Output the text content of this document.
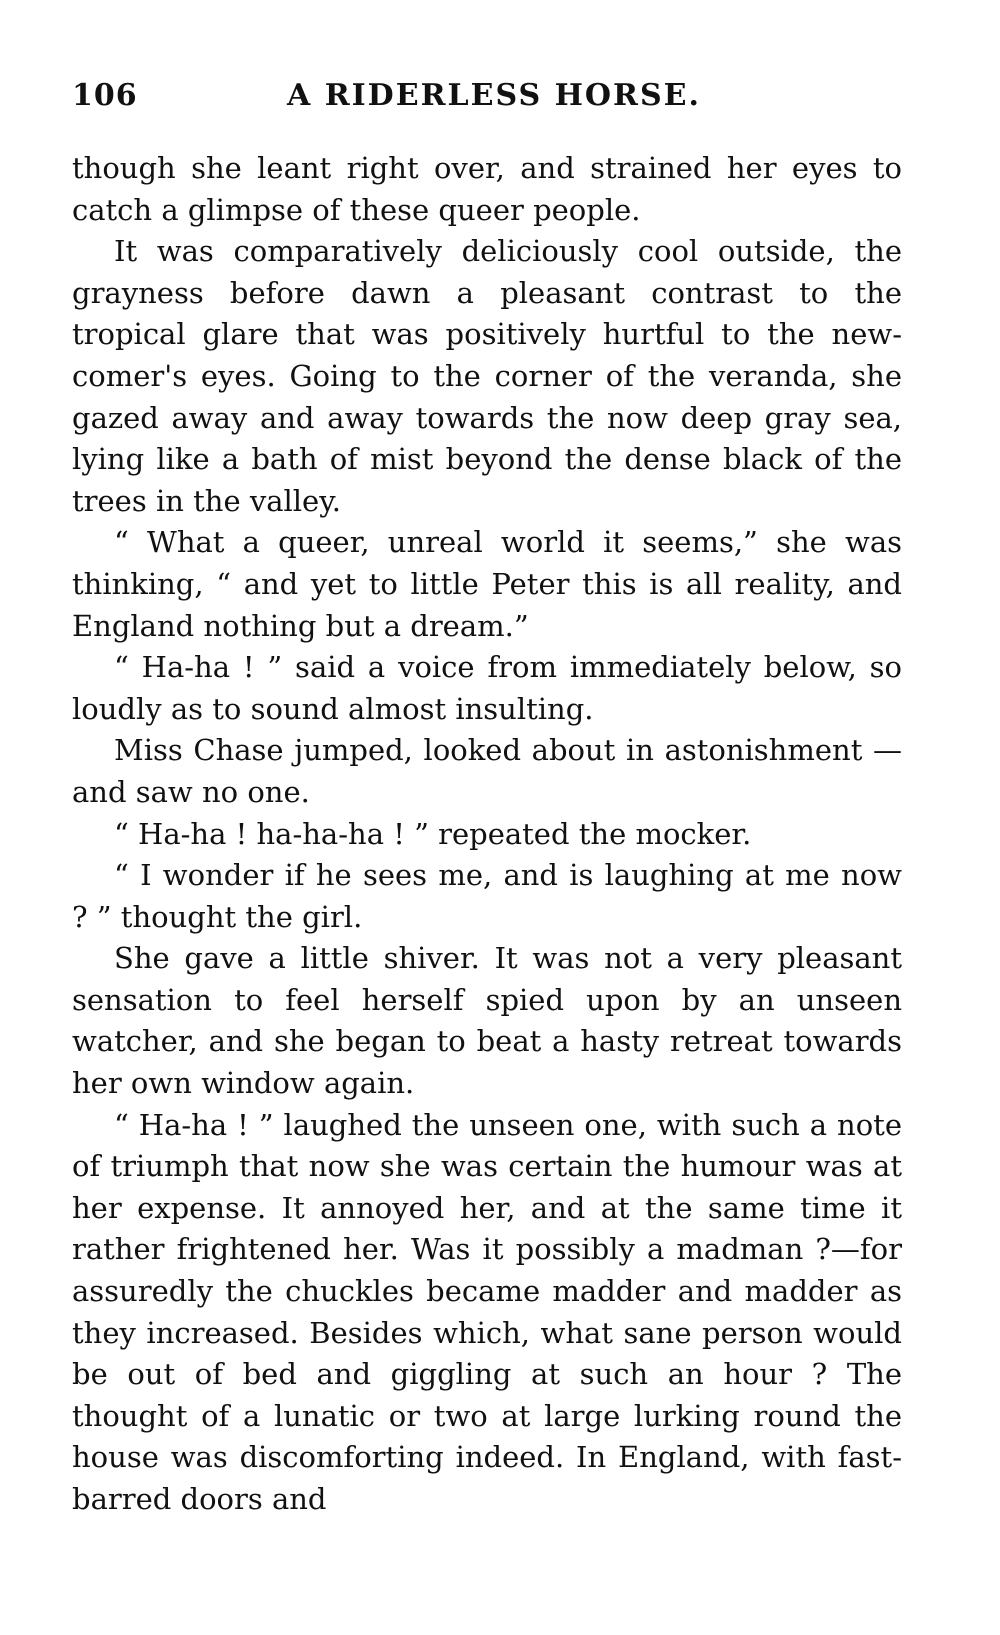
106	A RIDERLESS HORSE.

though she leant right over, and strained her eyes to catch a glimpse of these queer people.

It was comparatively deliciously cool outside, the grayness before dawn a pleasant contrast to the tropical glare that was positively hurtful to the new-comer's eyes. Going to the corner of the veranda, she gazed away and away towards the now deep gray sea, lying like a bath of mist beyond the dense black of the trees in the valley.

“ What a queer, unreal world it seems,” she was thinking, “ and yet to little Peter this is all reality, and England nothing but a dream.”

“ Ha-ha ! ” said a voice from immediately below, so loudly as to sound almost insulting.

Miss Chase jumped, looked about in astonishment —and saw no one.

“ Ha-ha ! ha-ha-ha ! ” repeated the mocker.

“ I wonder if he sees me, and is laughing at me now ? ” thought the girl.

She gave a little shiver. It was not a very pleasant sensation to feel herself spied upon by an unseen watcher, and she began to beat a hasty retreat towards her own window again.

“ Ha-ha ! ” laughed the unseen one, with such a note of triumph that now she was certain the humour was at her expense. It annoyed her, and at the same time it rather frightened her. Was it possibly a madman ?—for assuredly the chuckles became madder and madder as they increased. Besides which, what sane person would be out of bed and giggling at such an hour ? The thought of a lunatic or two at large lurking round the house was discomforting indeed. In England, with fast-barred doors and
